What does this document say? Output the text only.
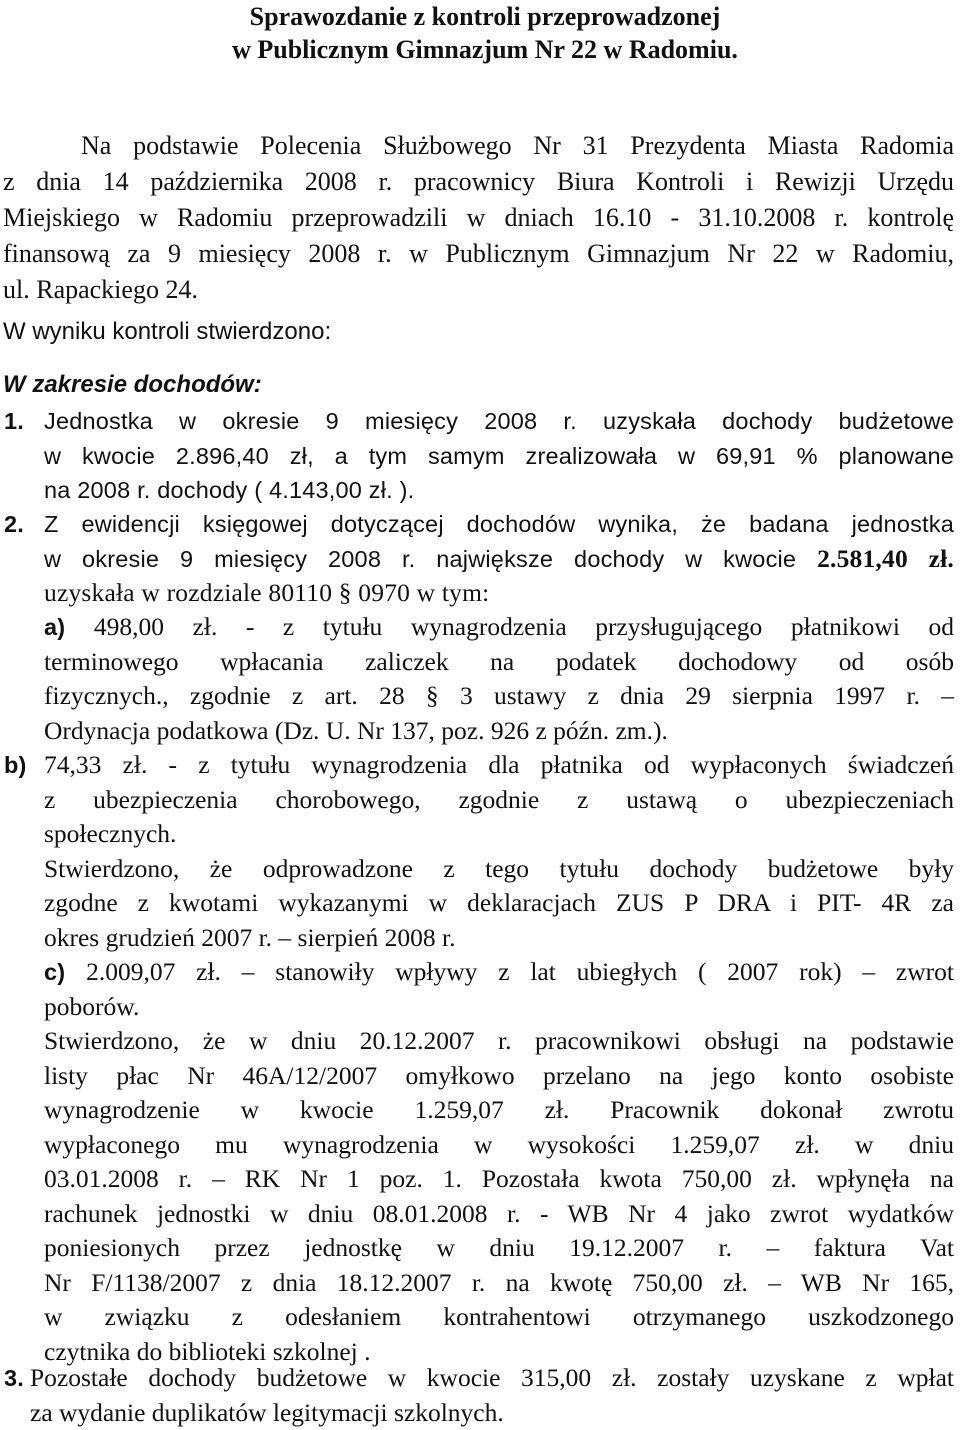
Sprawozdanie z kontroli przeprowadzonej
w Publicznym Gimnazjum Nr 22 w Radomiu.
Na podstawie Polecenia Służbowego Nr 31 Prezydenta Miasta Radomia
z dnia 14 października 2008 r. pracownicy Biura Kontroli i Rewizji Urzędu
Miejskiego w Radomiu przeprowadzili w dniach 16.10 - 31.10.2008 r. kontrolę
finansową za 9 miesięcy 2008 r. w Publicznym Gimnazjum Nr 22 w Radomiu,
ul. Rapackiego 24.
W wyniku kontroli stwierdzono:
W zakresie dochodów:
1. Jednostka w okresie 9 miesięcy 2008 r. uzyskała dochody budżetowe
w kwocie 2.896,40 zł, a tym samym zrealizowała w 69,91 % planowane
na 2008 r. dochody ( 4.143,00 zł. ).
2. Z ewidencji księgowej dotyczącej dochodów wynika, że badana jednostka
w okresie 9 miesięcy 2008 r. największe dochody w kwocie 2.581,40 zł.
uzyskała w rozdziale 80110 § 0970 w tym:
a) 498,00 zł. - z tytułu wynagrodzenia przysługującego płatnikowi od
terminowego wpłacania zaliczek na podatek dochodowy od osób
fizycznych., zgodnie z art. 28 § 3 ustawy z dnia 29 sierpnia 1997 r. –
Ordynacja podatkowa (Dz. U. Nr 137, poz. 926 z późn. zm.).
b) 74,33 zł. - z tytułu wynagrodzenia dla płatnika od wypłaconych świadczeń
z ubezpieczenia chorobowego, zgodnie z ustawą o ubezpieczeniach
społecznych.
Stwierdzono, że odprowadzone z tego tytułu dochody budżetowe były
zgodne z kwotami wykazanymi w deklaracjach ZUS P DRA i PIT- 4R za
okres grudzień 2007 r. – sierpień 2008 r.
c) 2.009,07 zł. – stanowiły wpływy z lat ubiegłych ( 2007 rok) – zwrot
poborów.
Stwierdzono, że w dniu 20.12.2007 r. pracownikowi obsługi na podstawie
listy płac Nr 46A/12/2007 omyłkowo przelano na jego konto osobiste
wynagrodzenie w kwocie 1.259,07 zł. Pracownik dokonał zwrotu
wypłaconego mu wynagrodzenia w wysokości 1.259,07 zł. w dniu
03.01.2008 r. – RK Nr 1 poz. 1. Pozostała kwota 750,00 zł. wpłynęła na
rachunek jednostki w dniu 08.01.2008 r. - WB Nr 4 jako zwrot wydatków
poniesionych przez jednostkę w dniu 19.12.2007 r. – faktura Vat
Nr F/1138/2007 z dnia 18.12.2007 r. na kwotę 750,00 zł. – WB Nr 165,
w związku z odesłaniem kontrahentowi otrzymanego uszkodzonego
czytnika do biblioteki szkolnej .
3. Pozostałe dochody budżetowe w kwocie 315,00 zł. zostały uzyskane z wpłat
za wydanie duplikatów legitymacji szkolnych.
